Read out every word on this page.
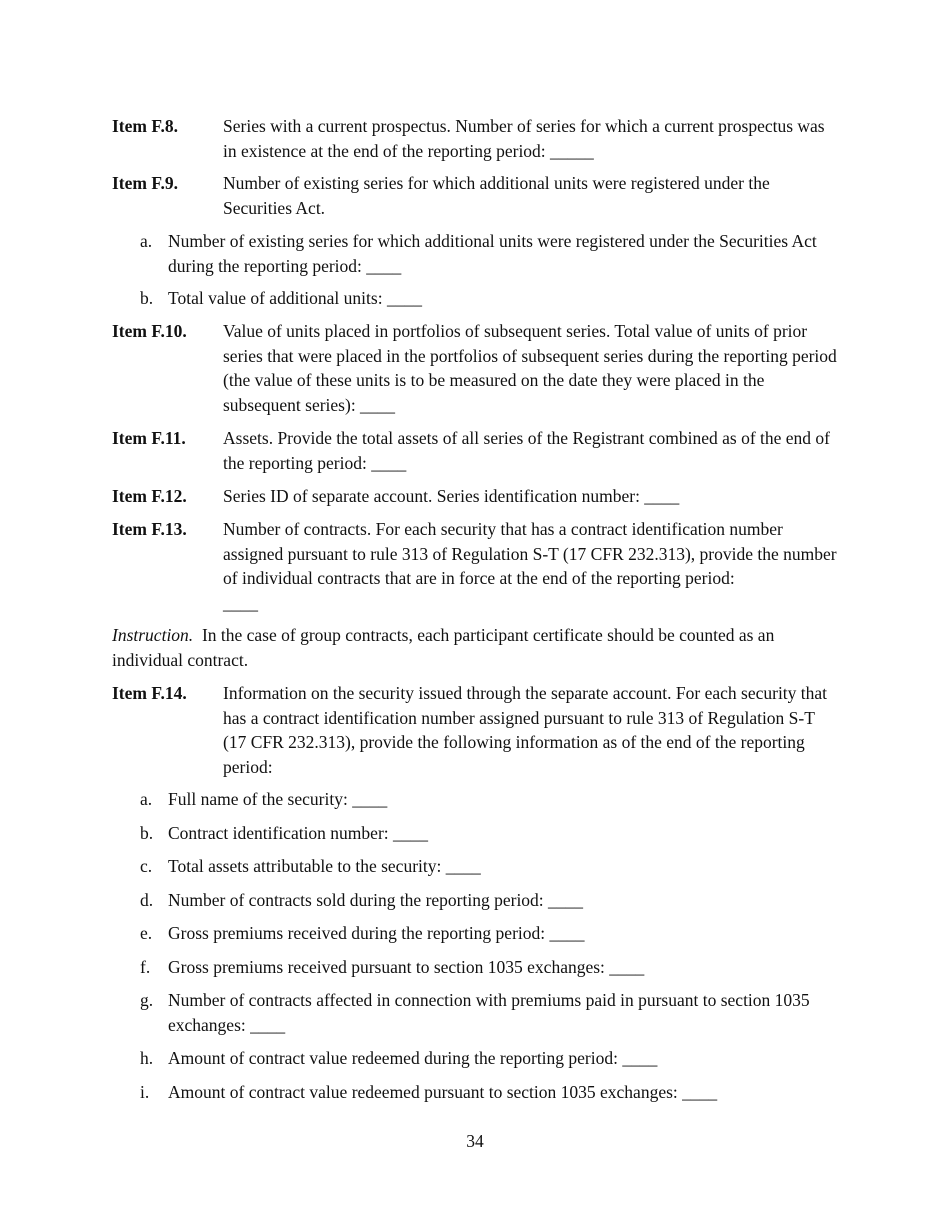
Item F.8.	Series with a current prospectus. Number of series for which a current prospectus was in existence at the end of the reporting period: _____
Item F.9.	Number of existing series for which additional units were registered under the Securities Act.
a. Number of existing series for which additional units were registered under the Securities Act during the reporting period: ____
b. Total value of additional units: ____
Item F.10.	Value of units placed in portfolios of subsequent series. Total value of units of prior series that were placed in the portfolios of subsequent series during the reporting period (the value of these units is to be measured on the date they were placed in the subsequent series): ____
Item F.11.	Assets. Provide the total assets of all series of the Registrant combined as of the end of the reporting period: ____
Item F.12.	Series ID of separate account. Series identification number: ____
Item F.13.	Number of contracts. For each security that has a contract identification number assigned pursuant to rule 313 of Regulation S-T (17 CFR 232.313), provide the number of individual contracts that are in force at the end of the reporting period:
____
Instruction.  In the case of group contracts, each participant certificate should be counted as an individual contract.
Item F.14.	Information on the security issued through the separate account. For each security that has a contract identification number assigned pursuant to rule 313 of Regulation S-T (17 CFR 232.313), provide the following information as of the end of the reporting period:
a. Full name of the security: ____
b. Contract identification number: ____
c. Total assets attributable to the security: ____
d. Number of contracts sold during the reporting period: ____
e. Gross premiums received during the reporting period: ____
f.	Gross premiums received pursuant to section 1035 exchanges: ____
g. Number of contracts affected in connection with premiums paid in pursuant to section 1035 exchanges: ____
h. Amount of contract value redeemed during the reporting period: ____
i.	Amount of contract value redeemed pursuant to section 1035 exchanges: ____
34
